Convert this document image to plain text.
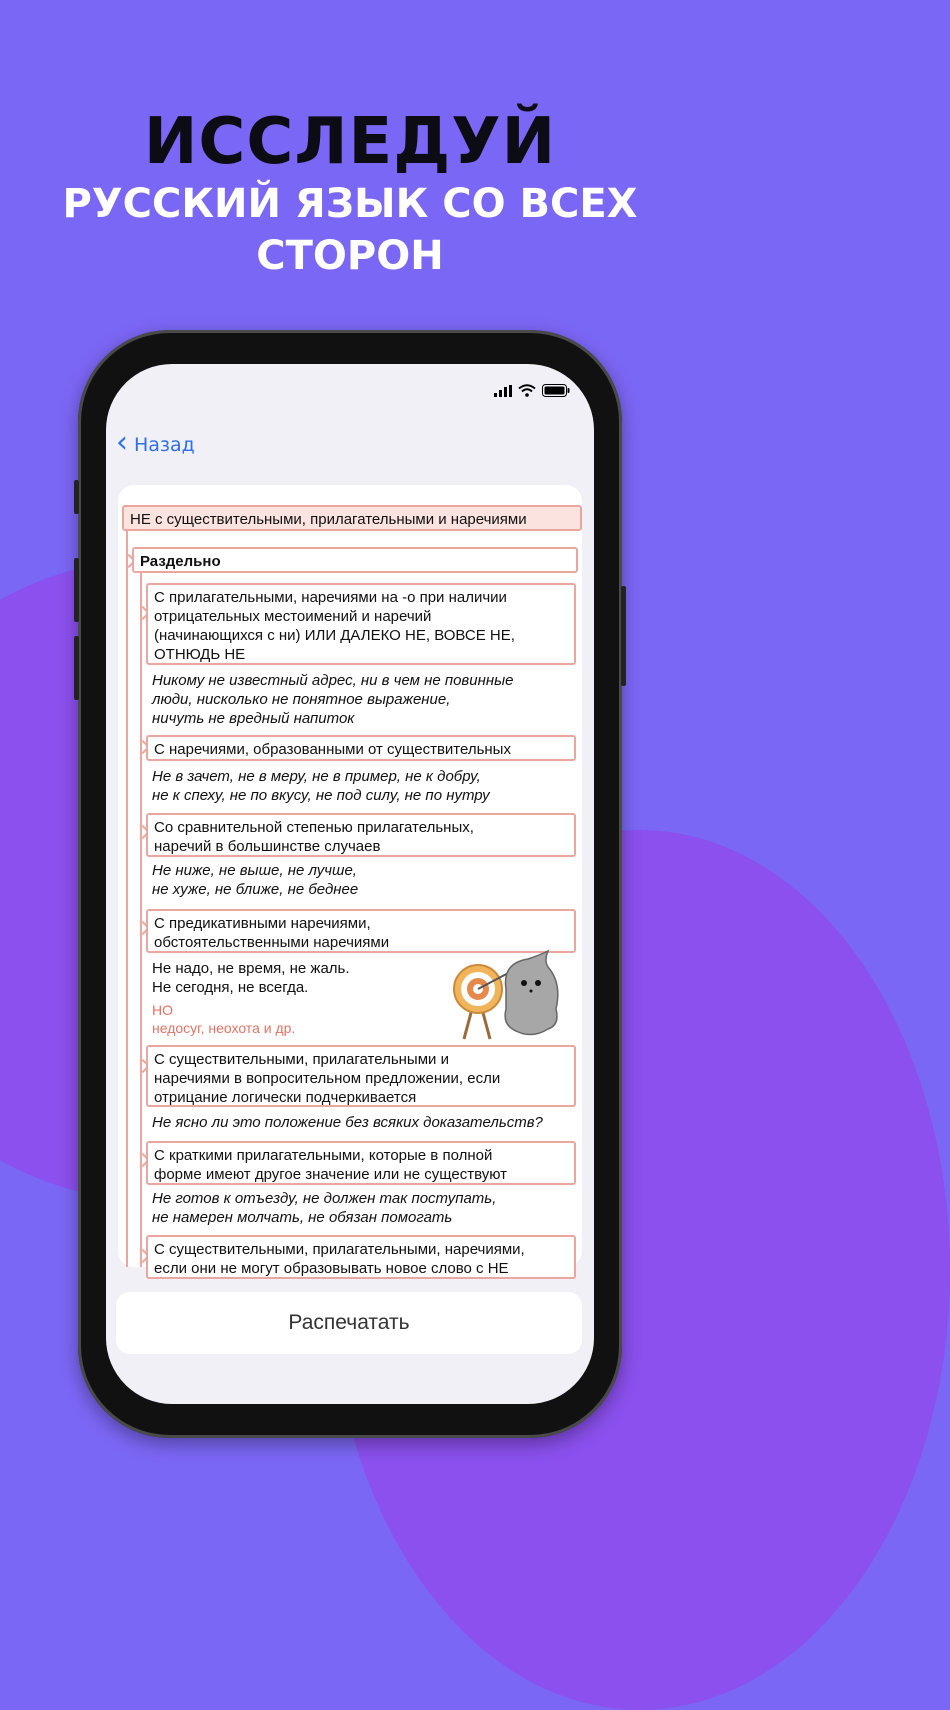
ИССЛЕДУЙ
РУССКИЙ ЯЗЫК СО ВСЕХ
СТОРОН
‹ Назад
НЕ с существительными, прилагательными и наречиями
Раздельно
С прилагательными, наречиями на -о при наличии
отрицательных местоимений и наречий
(начинающихся с ни) ИЛИ ДАЛЕКО НЕ, ВОВСЕ НЕ,
ОТНЮДЬ НЕ
Никому не известный адрес, ни в чем не повинные
люди, нисколько не понятное выражение,
ничуть не вредный напиток
С наречиями, образованными от существительных
Не в зачет, не в меру, не в пример, не к добру,
не к спеху, не по вкусу, не под силу, не по нутру
Со сравнительной степенью прилагательных,
наречий в большинстве случаев
Не ниже, не выше, не лучше,
не хуже, не ближе, не беднее
С предикативными наречиями,
обстоятельственными наречиями
Не надо, не время, не жаль.
Не сегодня, не всегда.
НО
недосуг, неохота и др.
С существительными, прилагательными и
наречиями в вопросительном предложении, если
отрицание логически подчеркивается
Не ясно ли это положение без всяких доказательств?
С краткими прилагательными, которые в полной
форме имеют другое значение или не существуют
Не готов к отъезду, не должен так поступать,
не намерен молчать, не обязан помогать
С существительными, прилагательными, наречиями,
если они не могут образовывать новое слово с НЕ
Распечатать
